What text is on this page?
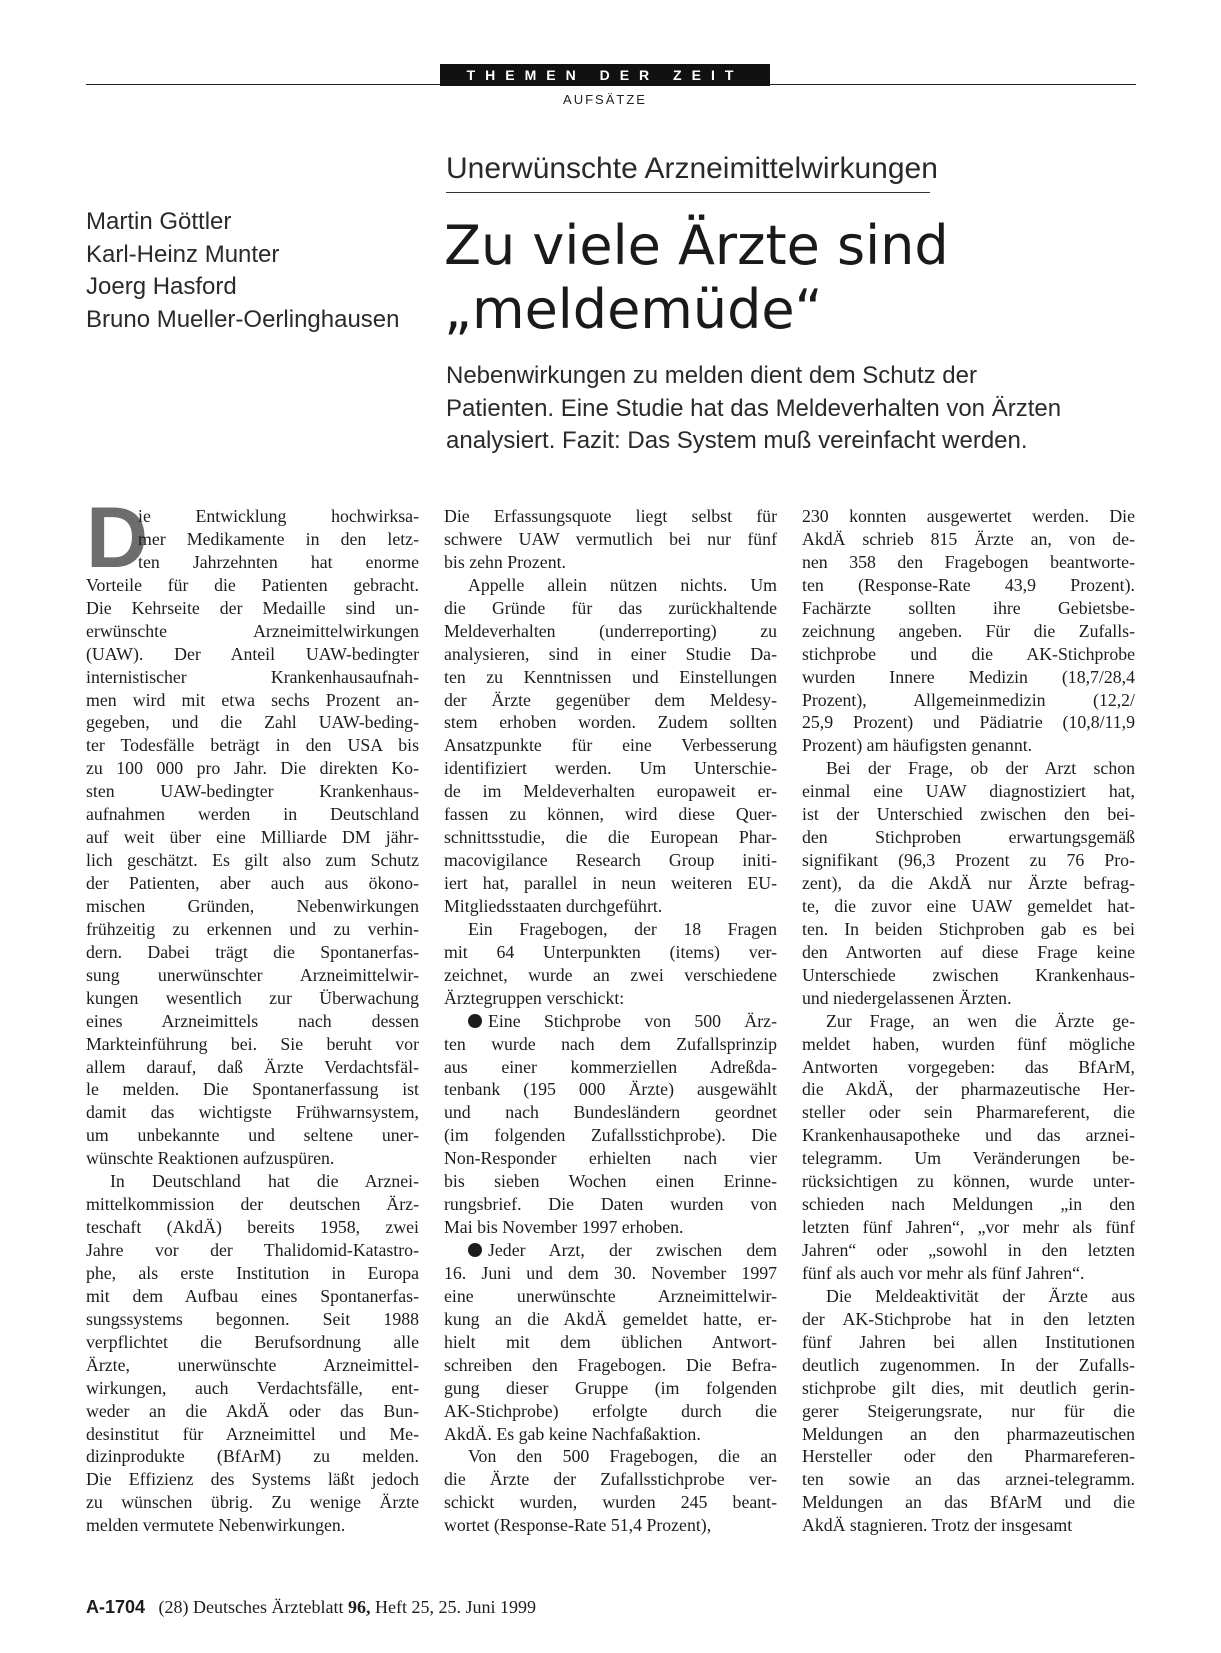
THEMEN DER ZEIT
AUFSÄTZE
Unerwünschte Arzneimittelwirkungen
Martin Göttler
Karl-Heinz Munter
Joerg Hasford
Bruno Mueller-Oerlinghausen
Zu viele Ärzte sind
„meldemüde“
Nebenwirkungen zu melden dient dem Schutz der
Patienten. Eine Studie hat das Meldeverhalten von Ärzten
analysiert. Fazit: Das System muß vereinfacht werden.
D
ie Entwicklung hochwirksa-
mer Medikamente in den letz-
ten Jahrzehnten hat enorme
Vorteile für die Patienten gebracht.
Die Kehrseite der Medaille sind un-
erwünschte Arzneimittelwirkungen
(UAW). Der Anteil UAW-bedingter
internistischer Krankenhausaufnah-
men wird mit etwa sechs Prozent an-
gegeben, und die Zahl UAW-beding-
ter Todesfälle beträgt in den USA bis
zu 100 000 pro Jahr. Die direkten Ko-
sten UAW-bedingter Krankenhaus-
aufnahmen werden in Deutschland
auf weit über eine Milliarde DM jähr-
lich geschätzt. Es gilt also zum Schutz
der Patienten, aber auch aus ökono-
mischen Gründen, Nebenwirkungen
frühzeitig zu erkennen und zu verhin-
dern. Dabei trägt die Spontanerfas-
sung unerwünschter Arzneimittelwir-
kungen wesentlich zur Überwachung
eines Arzneimittels nach dessen
Markteinführung bei. Sie beruht vor
allem darauf, daß Ärzte Verdachtsfäl-
le melden. Die Spontanerfassung ist
damit das wichtigste Frühwarnsystem,
um unbekannte und seltene uner-
wünschte Reaktionen aufzuspüren.
In Deutschland hat die Arznei-
mittelkommission der deutschen Ärz-
teschaft (AkdÄ) bereits 1958, zwei
Jahre vor der Thalidomid-Katastro-
phe, als erste Institution in Europa
mit dem Aufbau eines Spontanerfas-
sungssystems begonnen. Seit 1988
verpflichtet die Berufsordnung alle
Ärzte, unerwünschte Arzneimittel-
wirkungen, auch Verdachtsfälle, ent-
weder an die AkdÄ oder das Bun-
desinstitut für Arzneimittel und Me-
dizinprodukte (BfArM) zu melden.
Die Effizienz des Systems läßt jedoch
zu wünschen übrig. Zu wenige Ärzte
melden vermutete Nebenwirkungen.
Die Erfassungsquote liegt selbst für
schwere UAW vermutlich bei nur fünf
bis zehn Prozent.
Appelle allein nützen nichts. Um
die Gründe für das zurückhaltende
Meldeverhalten (underreporting) zu
analysieren, sind in einer Studie Da-
ten zu Kenntnissen und Einstellungen
der Ärzte gegenüber dem Meldesy-
stem erhoben worden. Zudem sollten
Ansatzpunkte für eine Verbesserung
identifiziert werden. Um Unterschie-
de im Meldeverhalten europaweit er-
fassen zu können, wird diese Quer-
schnittsstudie, die die European Phar-
macovigilance Research Group initi-
iert hat, parallel in neun weiteren EU-
Mitgliedsstaaten durchgeführt.
Ein Fragebogen, der 18 Fragen
mit 64 Unterpunkten (items) ver-
zeichnet, wurde an zwei verschiedene
Ärztegruppen verschickt:
Eine Stichprobe von 500 Ärz-
ten wurde nach dem Zufallsprinzip
aus einer kommerziellen Adreßda-
tenbank (195 000 Ärzte) ausgewählt
und nach Bundesländern geordnet
(im folgenden Zufallsstichprobe). Die
Non-Responder erhielten nach vier
bis sieben Wochen einen Erinne-
rungsbrief. Die Daten wurden von
Mai bis November 1997 erhoben.
Jeder Arzt, der zwischen dem
16. Juni und dem 30. November 1997
eine unerwünschte Arzneimittelwir-
kung an die AkdÄ gemeldet hatte, er-
hielt mit dem üblichen Antwort-
schreiben den Fragebogen. Die Befra-
gung dieser Gruppe (im folgenden
AK-Stichprobe) erfolgte durch die
AkdÄ. Es gab keine Nachfaßaktion.
Von den 500 Fragebogen, die an
die Ärzte der Zufallsstichprobe ver-
schickt wurden, wurden 245 beant-
wortet (Response-Rate 51,4 Prozent),
230 konnten ausgewertet werden. Die
AkdÄ schrieb 815 Ärzte an, von de-
nen 358 den Fragebogen beantworte-
ten (Response-Rate 43,9 Prozent).
Fachärzte sollten ihre Gebietsbe-
zeichnung angeben. Für die Zufalls-
stichprobe und die AK-Stichprobe
wurden Innere Medizin (18,7/28,4
Prozent), Allgemeinmedizin (12,2/
25,9 Prozent) und Pädiatrie (10,8/11,9
Prozent) am häufigsten genannt.
Bei der Frage, ob der Arzt schon
einmal eine UAW diagnostiziert hat,
ist der Unterschied zwischen den bei-
den Stichproben erwartungsgemäß
signifikant (96,3 Prozent zu 76 Pro-
zent), da die AkdÄ nur Ärzte befrag-
te, die zuvor eine UAW gemeldet hat-
ten. In beiden Stichproben gab es bei
den Antworten auf diese Frage keine
Unterschiede zwischen Krankenhaus-
und niedergelassenen Ärzten.
Zur Frage, an wen die Ärzte ge-
meldet haben, wurden fünf mögliche
Antworten vorgegeben: das BfArM,
die AkdÄ, der pharmazeutische Her-
steller oder sein Pharmareferent, die
Krankenhausapotheke und das arznei-
telegramm. Um Veränderungen be-
rücksichtigen zu können, wurde unter-
schieden nach Meldungen „in den
letzten fünf Jahren“, „vor mehr als fünf
Jahren“ oder „sowohl in den letzten
fünf als auch vor mehr als fünf Jahren“.
Die Meldeaktivität der Ärzte aus
der AK-Stichprobe hat in den letzten
fünf Jahren bei allen Institutionen
deutlich zugenommen. In der Zufalls-
stichprobe gilt dies, mit deutlich gerin-
gerer Steigerungsrate, nur für die
Meldungen an den pharmazeutischen
Hersteller oder den Pharmareferen-
ten sowie an das arznei-telegramm.
Meldungen an das BfArM und die
AkdÄ stagnieren. Trotz der insgesamt
A-1704 (28) Deutsches Ärzteblatt 96, Heft 25, 25. Juni 1999
